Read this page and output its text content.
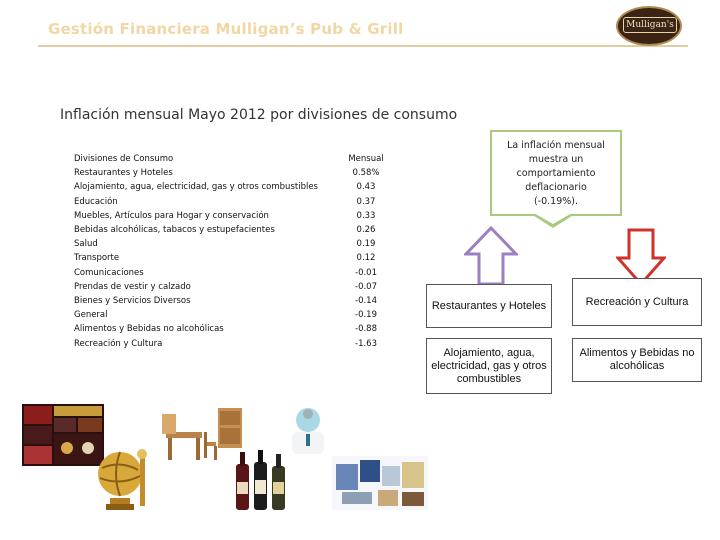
Gestión Financiera Mulligan’s Pub & Grill	Mulligan's
Inflación mensual Mayo 2012 por divisiones de consumo
Divisiones de Consumo	Mensual
Restaurantes y Hoteles	0.58%
Alojamiento, agua, electricidad, gas y otros combustibles	0.43
Educación	0.37
Muebles, Artículos para Hogar y conservación	0.33
Bebidas alcohólicas, tabacos y estupefacientes	0.26
Salud	0.19
Transporte	0.12
Comunicaciones	-0.01
Prendas de vestir y calzado	-0.07
Bienes y Servicios Diversos	-0.14
General	-0.19
Alimentos y Bebidas no alcohólicas	-0.88
Recreación y Cultura	-1.63
La inflación mensual
muestra un
comportamiento
deflacionario
(-0.19%).
Restaurantes y Hoteles
Alojamiento, agua, electricidad, gas y otros combustibles
Recreación y Cultura
Alimentos y Bebidas no alcohólicas
